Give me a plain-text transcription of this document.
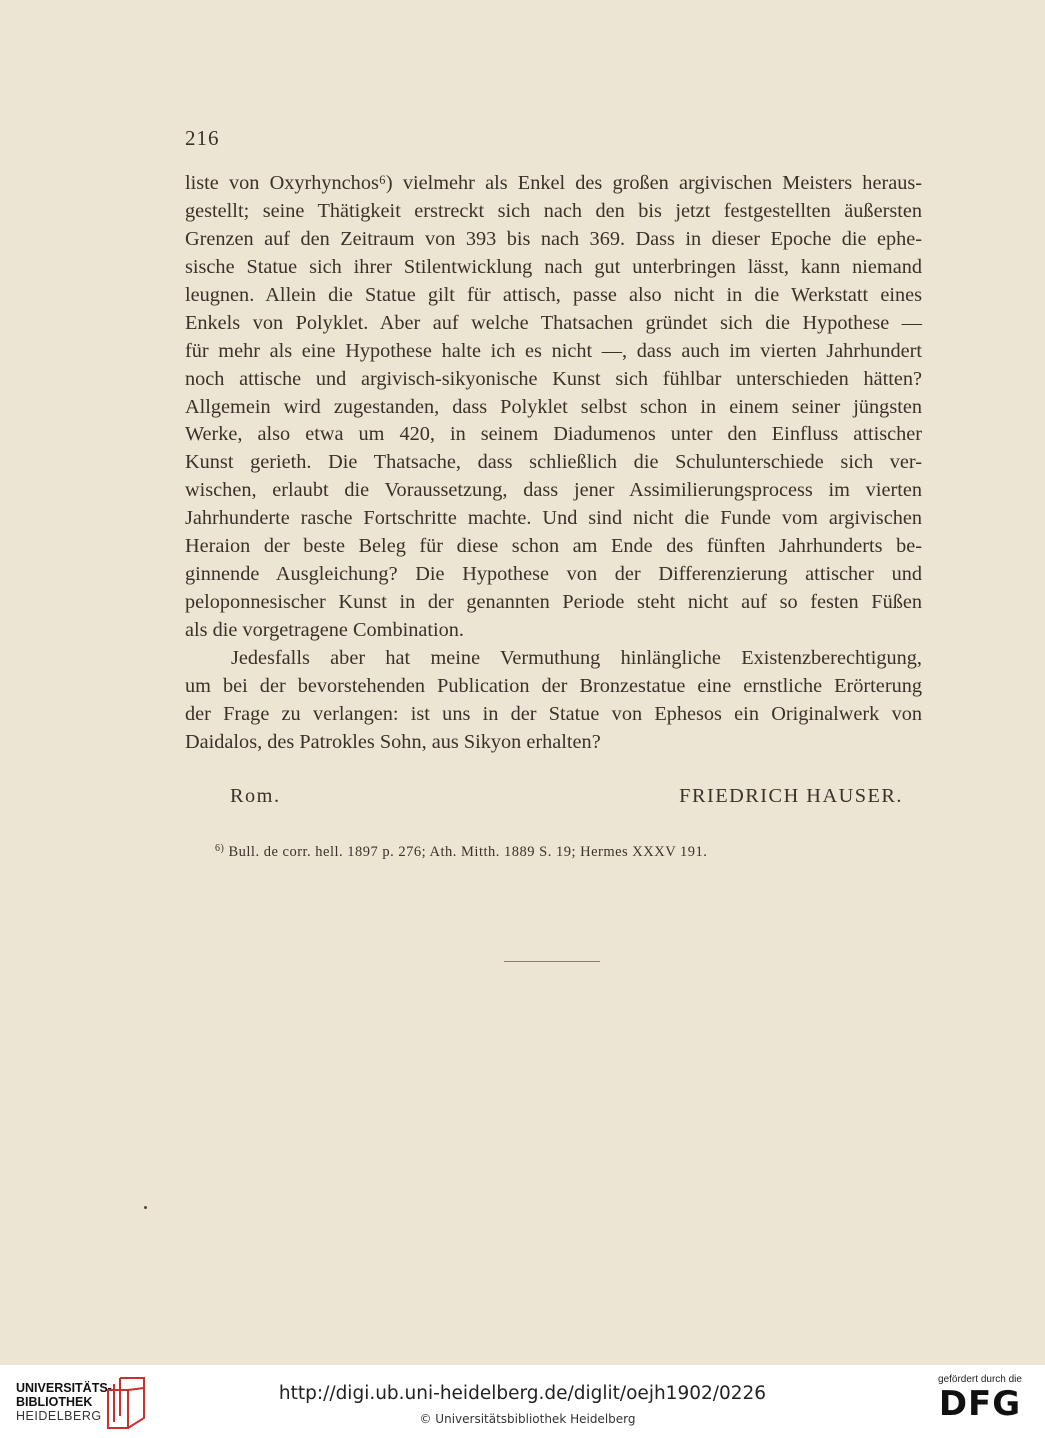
216
liste von Oxyrhynchos⁶) vielmehr als Enkel des großen argivischen Meisters heraus-
gestellt; seine Thätigkeit erstreckt sich nach den bis jetzt festgestellten äußersten
Grenzen auf den Zeitraum von 393 bis nach 369. Dass in dieser Epoche die ephe-
sische Statue sich ihrer Stilentwicklung nach gut unterbringen lässt, kann niemand
leugnen. Allein die Statue gilt für attisch, passe also nicht in die Werkstatt eines
Enkels von Polyklet. Aber auf welche Thatsachen gründet sich die Hypothese —
für mehr als eine Hypothese halte ich es nicht —, dass auch im vierten Jahrhundert
noch attische und argivisch-sikyonische Kunst sich fühlbar unterschieden hätten?
Allgemein wird zugestanden, dass Polyklet selbst schon in einem seiner jüngsten
Werke, also etwa um 420, in seinem Diadumenos unter den Einfluss attischer
Kunst gerieth. Die Thatsache, dass schließlich die Schulunterschiede sich ver-
wischen, erlaubt die Voraussetzung, dass jener Assimilierungsprocess im vierten
Jahrhunderte rasche Fortschritte machte. Und sind nicht die Funde vom argivischen
Heraion der beste Beleg für diese schon am Ende des fünften Jahrhunderts be-
ginnende Ausgleichung? Die Hypothese von der Differenzierung attischer und
peloponnesischer Kunst in der genannten Periode steht nicht auf so festen Füßen
als die vorgetragene Combination.
Jedesfalls aber hat meine Vermuthung hinlängliche Existenzberechtigung,
um bei der bevorstehenden Publication der Bronzestatue eine ernstliche Erörterung
der Frage zu verlangen: ist uns in der Statue von Ephesos ein Originalwerk von
Daidalos, des Patrokles Sohn, aus Sikyon erhalten?
Rom.	FRIEDRICH HAUSER.
$^{6)}$ Bull. de corr. hell. 1897 p. 276; Ath. Mitth. 1889 S. 19; Hermes XXXV 191.
UNIVERSITÄTS-
BIBLIOTHEK
HEIDELBERG
http://digi.ub.uni-heidelberg.de/diglit/oejh1902/0226
© Universitätsbibliothek Heidelberg
gefördert durch die
DFG
